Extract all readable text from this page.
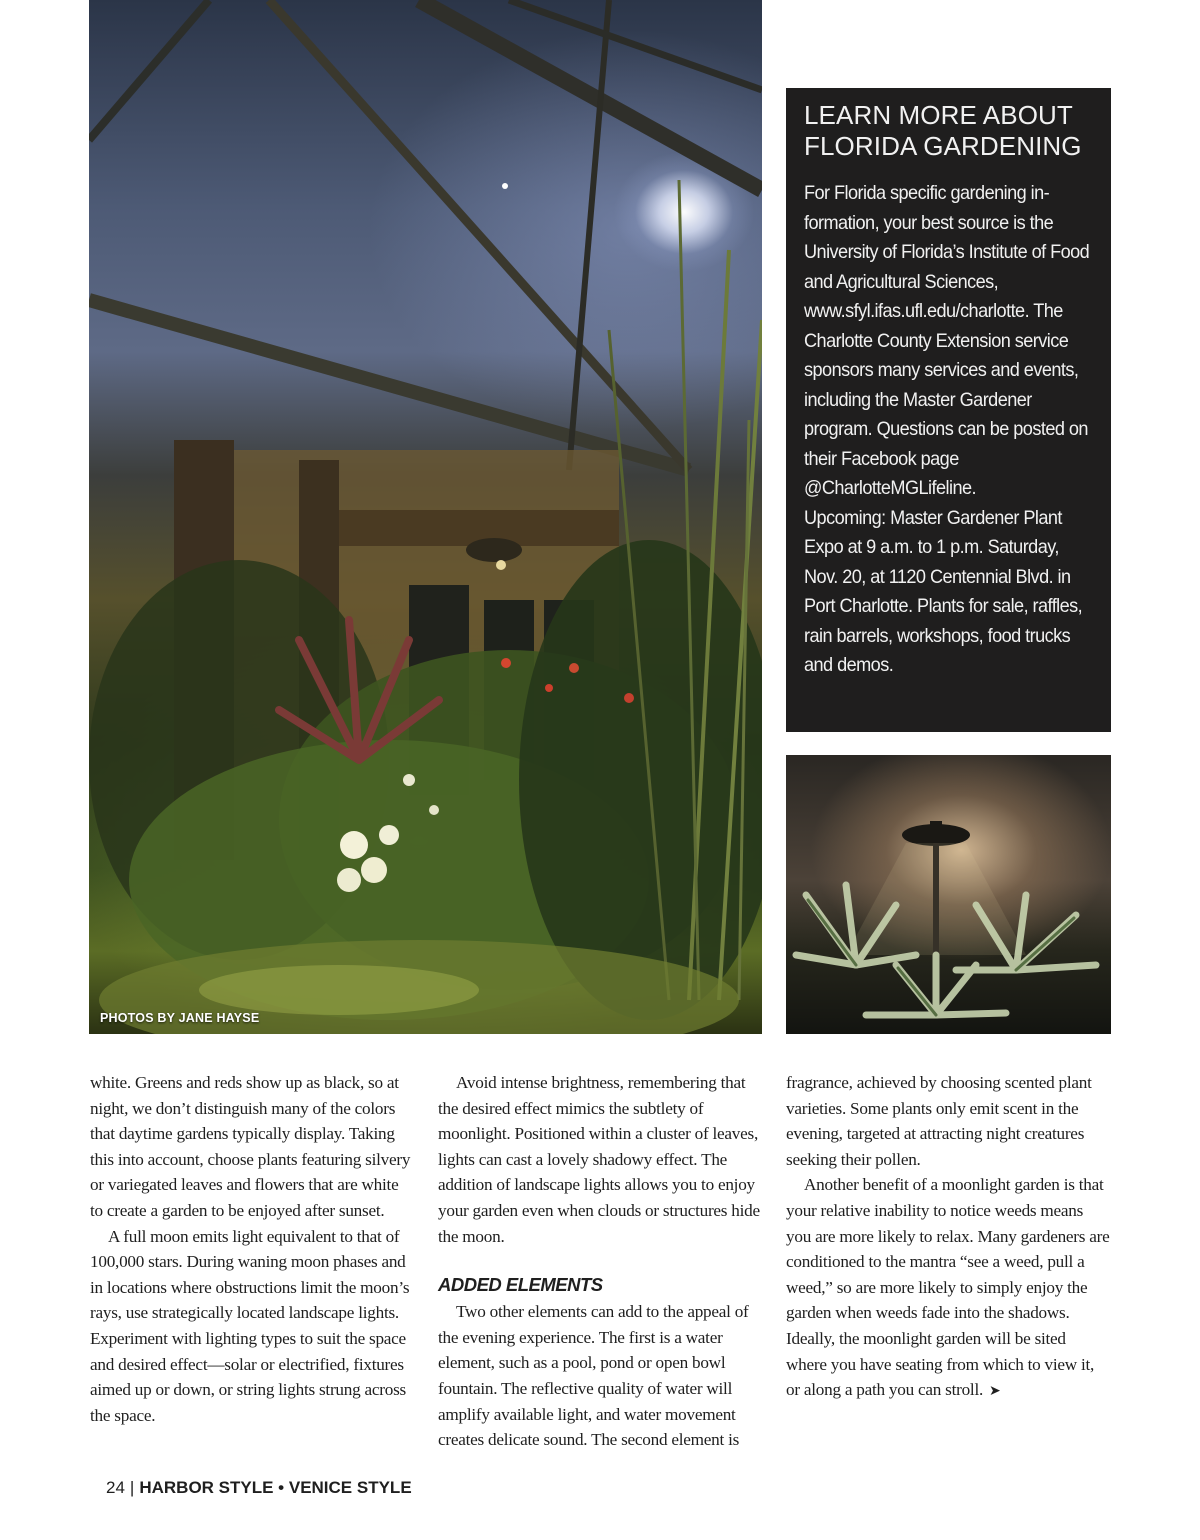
PHOTOS BY JANE HAYSE
LEARN MORE ABOUT
FLORIDA GARDENING

For Florida specific gardening information, your best source is the University of Florida’s Institute of Food and Agricultural Sciences, www.sfyl.ifas.ufl.edu/charlotte. The Charlotte County Extension service sponsors many services and events, including the Master Gardener program. Questions can be posted on their Facebook page @CharlotteMGLifeline.

Upcoming: Master Gardener Plant Expo at 9 a.m. to 1 p.m. Saturday, Nov. 20, at 1120 Centennial Blvd. in Port Charlotte. Plants for sale, raffles, rain barrels, workshops, food trucks and demos.

white. Greens and reds show up as black, so at night, we don’t distinguish many of the colors that daytime gardens typically display. Taking this into account, choose plants featuring silvery or variegated leaves and flowers that are white to create a garden to be enjoyed after sunset.

A full moon emits light equivalent to that of 100,000 stars. During waning moon phases and in locations where obstructions limit the moon’s rays, use strategically located landscape lights. Experiment with lighting types to suit the space and desired effect—solar or electrified, fixtures aimed up or down, or string lights strung across the space.

Avoid intense brightness, remembering that the desired effect mimics the subtlety of moonlight. Positioned within a cluster of leaves, lights can cast a lovely shadowy effect. The addition of landscape lights allows you to enjoy your garden even when clouds or structures hide the moon.

ADDED ELEMENTS

Two other elements can add to the appeal of the evening experience. The first is a water element, such as a pool, pond or open bowl fountain. The reflective quality of water will amplify available light, and water movement creates delicate sound. The second element is

fragrance, achieved by choosing scented plant varieties. Some plants only emit scent in the evening, targeted at attracting night creatures seeking their pollen.

Another benefit of a moonlight garden is that your relative inability to notice weeds means you are more likely to relax. Many gardeners are conditioned to the mantra “see a weed, pull a weed,” so are more likely to simply enjoy the garden when weeds fade into the shadows. Ideally, the moonlight garden will be sited where you have seating from which to view it, or along a path you can stroll. ➤

24 | HARBOR STYLE • VENICE STYLE
